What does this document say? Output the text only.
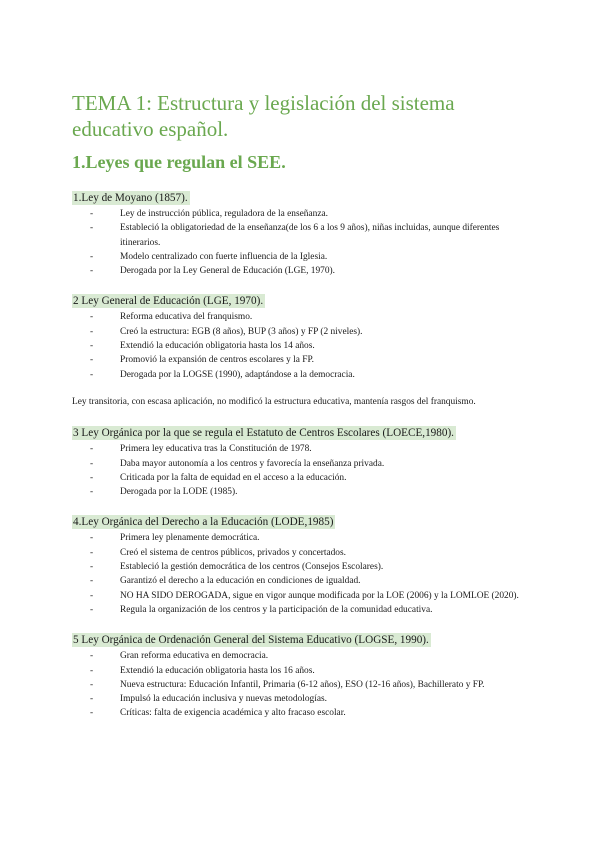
TEMA 1: Estructura y legislación del sistema educativo español.
1.Leyes que regulan el SEE.
1.Ley de Moyano (1857).
-	Ley de instrucción pública, reguladora de la enseñanza.
-	Estableció la obligatoriedad de la enseñanza(de los 6 a los 9 años), niñas incluidas, aunque diferentes itinerarios.
-	Modelo centralizado con fuerte influencia de la Iglesia.
-	Derogada por la Ley General de Educación (LGE, 1970).
2 Ley General de Educación (LGE, 1970).
-	Reforma educativa del franquismo.
-	Creó la estructura: EGB (8 años), BUP (3 años) y FP (2 niveles).
-	Extendió la educación obligatoria hasta los 14 años.
-	Promovió la expansión de centros escolares y la FP.
-	Derogada por la LOGSE (1990), adaptándose a la democracia.
Ley transitoria, con escasa aplicación, no modificó la estructura educativa, mantenía rasgos del franquismo.
3 Ley Orgánica por la que se regula el Estatuto de Centros Escolares (LOECE,1980).
-	Primera ley educativa tras la Constitución de 1978.
-	Daba mayor autonomía a los centros y favorecía la enseñanza privada.
-	Criticada por la falta de equidad en el acceso a la educación.
-	Derogada por la LODE (1985).
4.Ley Orgánica del Derecho a la Educación (LODE,1985)
-	Primera ley plenamente democrática.
-	Creó el sistema de centros públicos, privados y concertados.
-	Estableció la gestión democrática de los centros (Consejos Escolares).
-	Garantizó el derecho a la educación en condiciones de igualdad.
-	NO HA SIDO DEROGADA, sigue en vigor aunque modificada por la LOE (2006) y la LOMLOE (2020).
-	Regula la organización de los centros y la participación de la comunidad educativa.
5 Ley Orgánica de Ordenación General del Sistema Educativo (LOGSE, 1990).
-	Gran reforma educativa en democracia.
-	Extendió la educación obligatoria hasta los 16 años.
-	Nueva estructura: Educación Infantil, Primaria (6-12 años), ESO (12-16 años), Bachillerato y FP.
-	Impulsó la educación inclusiva y nuevas metodologías.
-	Críticas: falta de exigencia académica y alto fracaso escolar.
